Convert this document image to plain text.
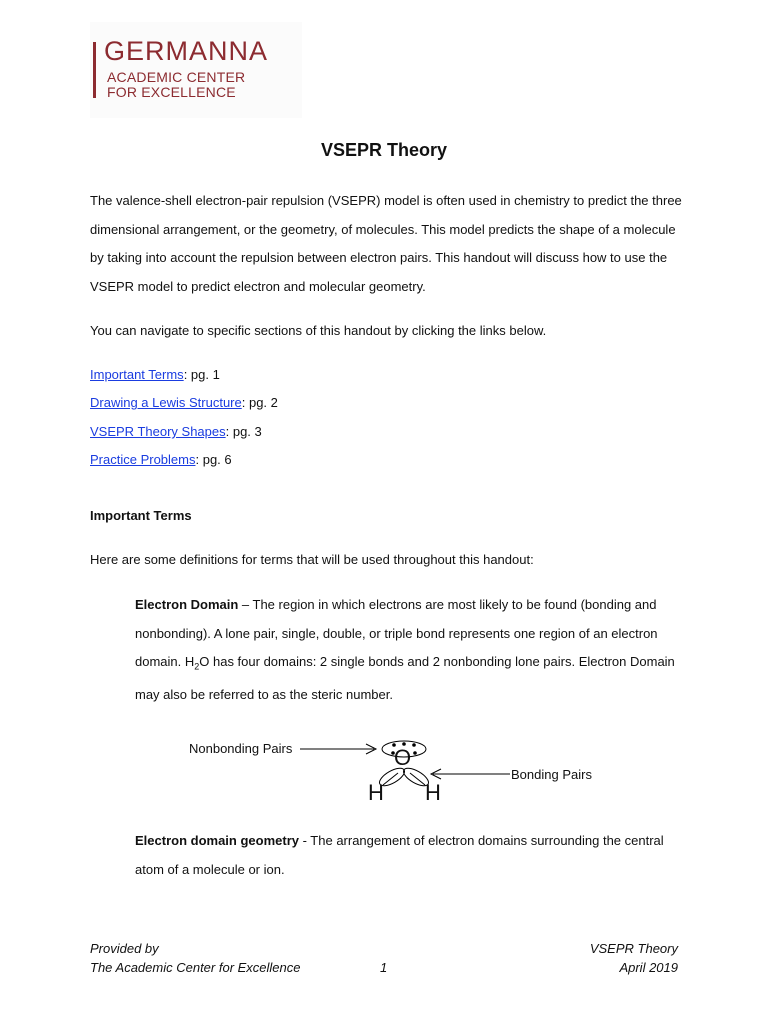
GERMANNA
ACADEMIC CENTER
FOR EXCELLENCE
VSEPR Theory
The valence-shell electron-pair repulsion (VSEPR) model is often used in chemistry to predict the three dimensional arrangement, or the geometry, of molecules. This model predicts the shape of a molecule by taking into account the repulsion between electron pairs. This handout will discuss how to use the VSEPR model to predict electron and molecular geometry.
You can navigate to specific sections of this handout by clicking the links below.
Important Terms: pg. 1
Drawing a Lewis Structure: pg. 2
VSEPR Theory Shapes: pg. 3
Practice Problems: pg. 6
Important Terms
Here are some definitions for terms that will be used throughout this handout:
Electron Domain – The region in which electrons are most likely to be found (bonding and nonbonding). A lone pair, single, double, or triple bond represents one region of an electron domain. $H_2O$ has four domains: 2 single bonds and 2 nonbonding lone pairs. Electron Domain may also be referred to as the steric number.
Nonbonding Pairs
Bonding Pairs
O
H H
Electron domain geometry - The arrangement of electron domains surrounding the central atom of a molecule or ion.
Provided by
The Academic Center for Excellence	1
VSEPR Theory
April 2019
